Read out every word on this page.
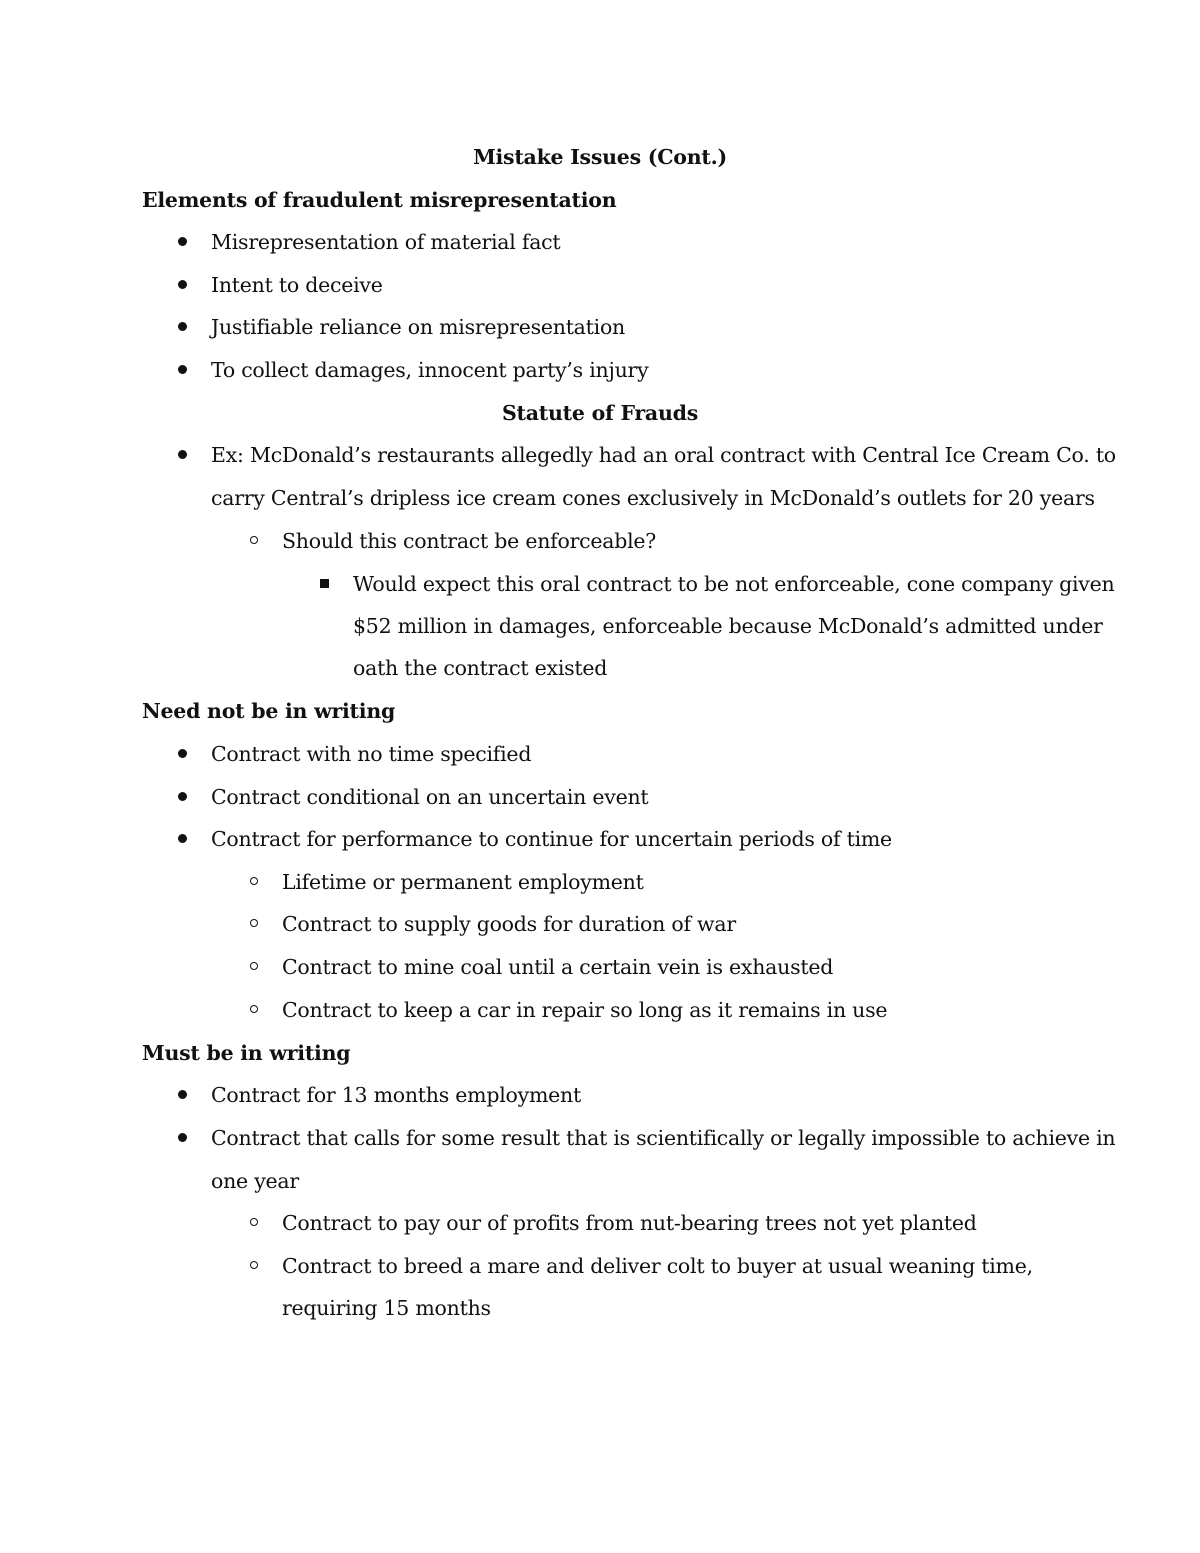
Mistake Issues (Cont.)
Elements of fraudulent misrepresentation
Misrepresentation of material fact
Intent to deceive
Justifiable reliance on misrepresentation
To collect damages, innocent party’s injury
Statute of Frauds
Ex: McDonald’s restaurants allegedly had an oral contract with Central Ice Cream Co. to
carry Central’s dripless ice cream cones exclusively in McDonald’s outlets for 20 years
Should this contract be enforceable?
Would expect this oral contract to be not enforceable, cone company given
$52 million in damages, enforceable because McDonald’s admitted under
oath the contract existed
Need not be in writing
Contract with no time specified
Contract conditional on an uncertain event
Contract for performance to continue for uncertain periods of time
Lifetime or permanent employment
Contract to supply goods for duration of war
Contract to mine coal until a certain vein is exhausted
Contract to keep a car in repair so long as it remains in use
Must be in writing
Contract for 13 months employment
Contract that calls for some result that is scientifically or legally impossible to achieve in
one year
Contract to pay our of profits from nut-bearing trees not yet planted
Contract to breed a mare and deliver colt to buyer at usual weaning time,
requiring 15 months
